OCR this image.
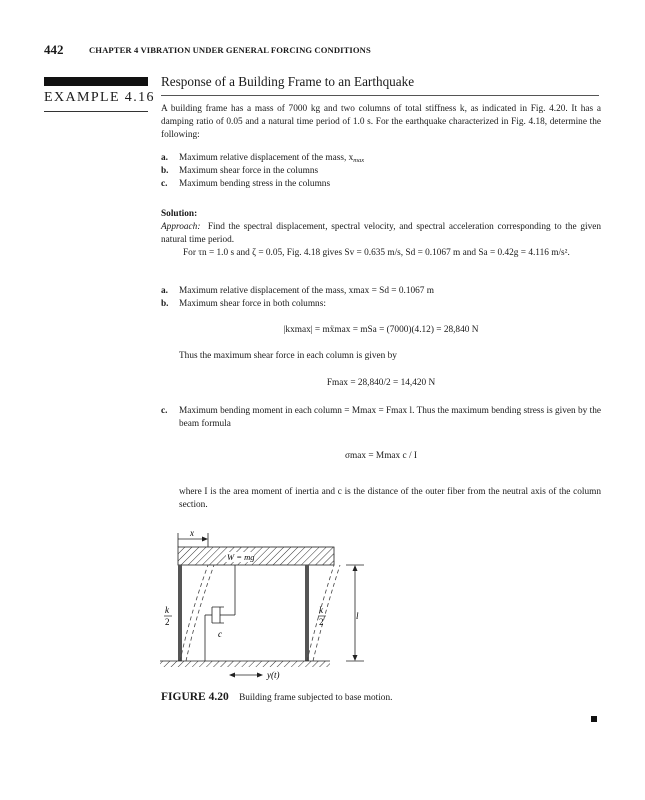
442	CHAPTER 4 VIBRATION UNDER GENERAL FORCING CONDITIONS
EXAMPLE 4.16
Response of a Building Frame to an Earthquake
A building frame has a mass of 7000 kg and two columns of total stiffness k, as indicated in Fig. 4.20. It has a damping ratio of 0.05 and a natural time period of 1.0 s. For the earthquake characterized in Fig. 4.18, determine the following:
a. Maximum relative displacement of the mass, $x_{max}$
b. Maximum shear force in the columns
c. Maximum bending stress in the columns
Solution:
Approach: Find the spectral displacement, spectral velocity, and spectral acceleration corresponding to the given natural time period.
For τn = 1.0 s and ζ = 0.05, Fig. 4.18 gives Sv = 0.635 m/s, Sd = 0.1067 m and Sa = 0.42g = 4.116 m/s².
a. Maximum relative displacement of the mass, xmax = Sd = 0.1067 m
b. Maximum shear force in both columns:
|kxmax| = mẍmax = mSa = (7000)(4.12) = 28,840 N
Thus the maximum shear force in each column is given by
Fmax = 28,840/2 = 14,420 N
c. Maximum bending moment in each column = Mmax = Fmax l. Thus the maximum bending stress is given by the beam formula
σmax = Mmax c / I
where I is the area moment of inertia and c is the distance of the outer fiber from the neutral axis of the column section.
x
W = mg
c
k
2
k
2
l
y(t)
FIGURE 4.20 Building frame subjected to base motion.
